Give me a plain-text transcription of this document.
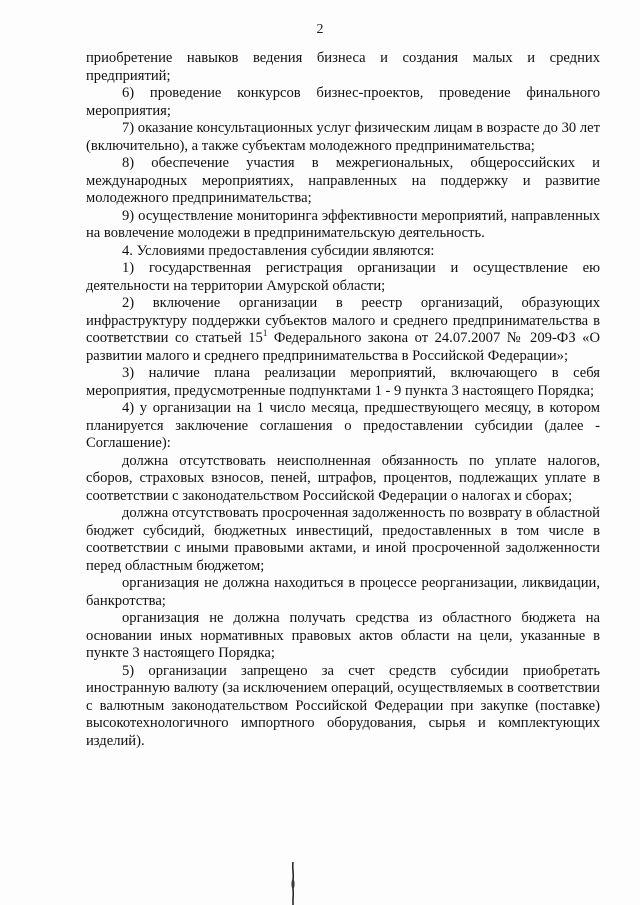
2

приобретение навыков ведения бизнеса и создания малых и средних предприятий;

6) проведение конкурсов бизнес-проектов, проведение финального мероприятия;

7) оказание консультационных услуг физическим лицам в возрасте до 30 лет (включительно), а также субъектам молодежного предпринимательства;

8) обеспечение участия в межрегиональных, общероссийских и международных мероприятиях, направленных на поддержку и развитие молодежного предпринимательства;

9) осуществление мониторинга эффективности мероприятий, направленных на вовлечение молодежи в предпринимательскую деятельность.

4. Условиями предоставления субсидии являются:

1) государственная регистрация организации и осуществление ею деятельности на территории Амурской области;

2) включение организации в реестр организаций, образующих инфраструктуру поддержки субъектов малого и среднего предпринимательства в соответствии со статьей $15^1$ Федерального закона от 24.07.2007 № 209-ФЗ «О развитии малого и среднего предпринимательства в Российской Федерации»;

3) наличие плана реализации мероприятий, включающего в себя мероприятия, предусмотренные подпунктами 1 - 9 пункта 3 настоящего Порядка;

4) у организации на 1 число месяца, предшествующего месяцу, в котором планируется заключение соглашения о предоставлении субсидии (далее - Соглашение):

должна отсутствовать неисполненная обязанность по уплате налогов, сборов, страховых взносов, пеней, штрафов, процентов, подлежащих уплате в соответствии с законодательством Российской Федерации о налогах и сборах;

должна отсутствовать просроченная задолженность по возврату в областной бюджет субсидий, бюджетных инвестиций, предоставленных в том числе в соответствии с иными правовыми актами, и иной просроченной задолженности перед областным бюджетом;

организация не должна находиться в процессе реорганизации, ликвидации, банкротства;

организация не должна получать средства из областного бюджета на основании иных нормативных правовых актов области на цели, указанные в пункте 3 настоящего Порядка;

5) организации запрещено за счет средств субсидии приобретать иностранную валюту (за исключением операций, осуществляемых в соответствии с валютным законодательством Российской Федерации при закупке (поставке) высокотехнологичного импортного оборудования, сырья и комплектующих изделий).
